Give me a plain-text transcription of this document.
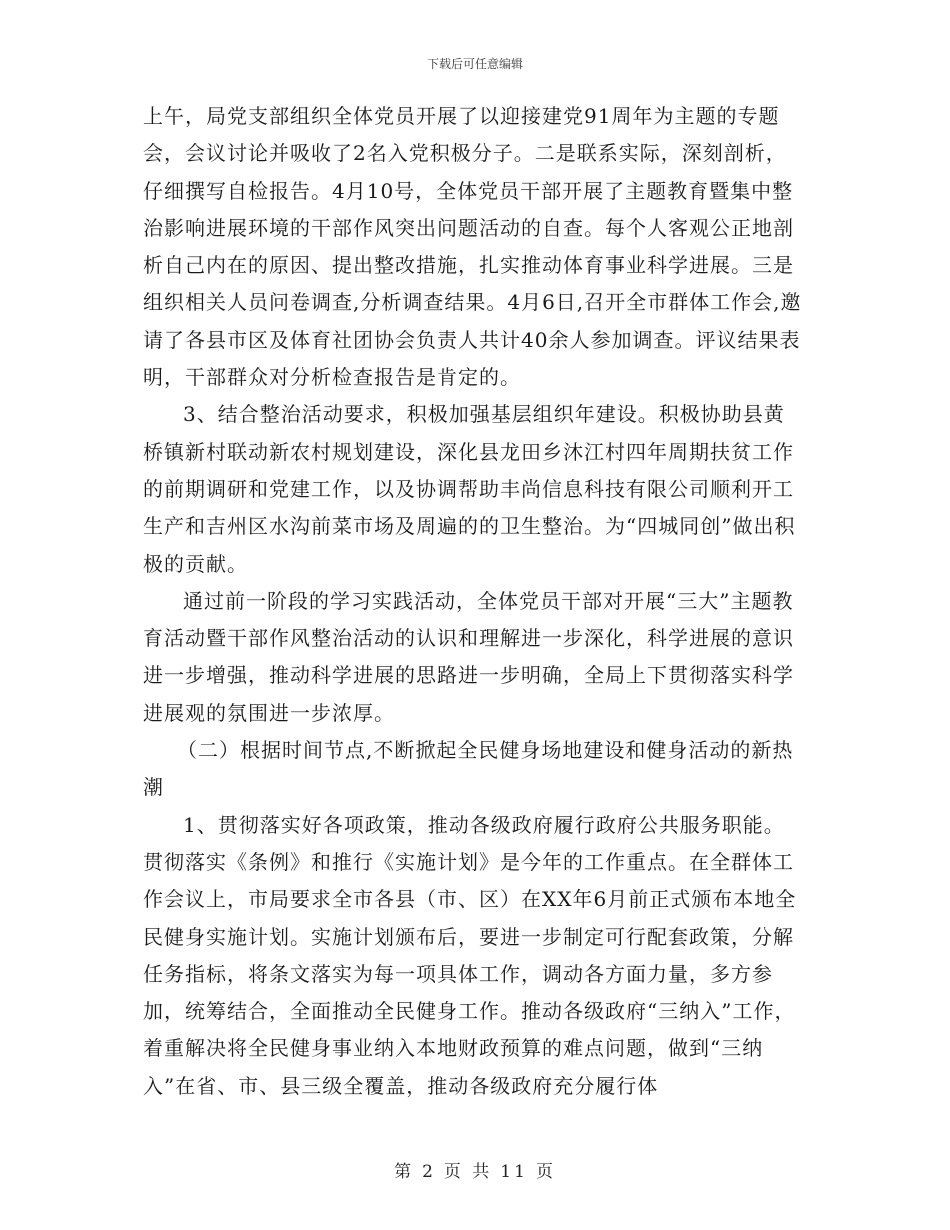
下载后可任意编辑

上午，局党支部组织全体党员开展了以迎接建党91周年为主题的专题会，会议讨论并吸收了2名入党积极分子。二是联系实际，深刻剖析，仔细撰写自检报告。4月10号，全体党员干部开展了主题教育暨集中整治影响进展环境的干部作风突出问题活动的自查。每个人客观公正地剖析自己内在的原因、提出整改措施，扎实推动体育事业科学进展。三是组织相关人员问卷调查,分析调查结果。4月6日,召开全市群体工作会,邀请了各县市区及体育社团协会负责人共计40余人参加调查。评议结果表明，干部群众对分析检查报告是肯定的。

3、结合整治活动要求，积极加强基层组织年建设。积极协助县黄桥镇新村联动新农村规划建设，深化县龙田乡沐江村四年周期扶贫工作的前期调研和党建工作，以及协调帮助丰尚信息科技有限公司顺利开工生产和吉州区水沟前菜市场及周遍的的卫生整治。为“四城同创”做出积极的贡献。

通过前一阶段的学习实践活动，全体党员干部对开展“三大”主题教育活动暨干部作风整治活动的认识和理解进一步深化，科学进展的意识进一步增强，推动科学进展的思路进一步明确，全局上下贯彻落实科学进展观的氛围进一步浓厚。

（二）根据时间节点,不断掀起全民健身场地建设和健身活动的新热潮

1、贯彻落实好各项政策，推动各级政府履行政府公共服务职能。贯彻落实《条例》和推行《实施计划》是今年的工作重点。在全群体工作会议上，市局要求全市各县（市、区）在XX年6月前正式颁布本地全民健身实施计划。实施计划颁布后，要进一步制定可行配套政策，分解任务指标，将条文落实为每一项具体工作，调动各方面力量，多方参加，统筹结合，全面推动全民健身工作。推动各级政府“三纳入”工作，着重解决将全民健身事业纳入本地财政预算的难点问题，做到“三纳入”在省、市、县三级全覆盖，推动各级政府充分履行体

第 2 页 共 11 页
